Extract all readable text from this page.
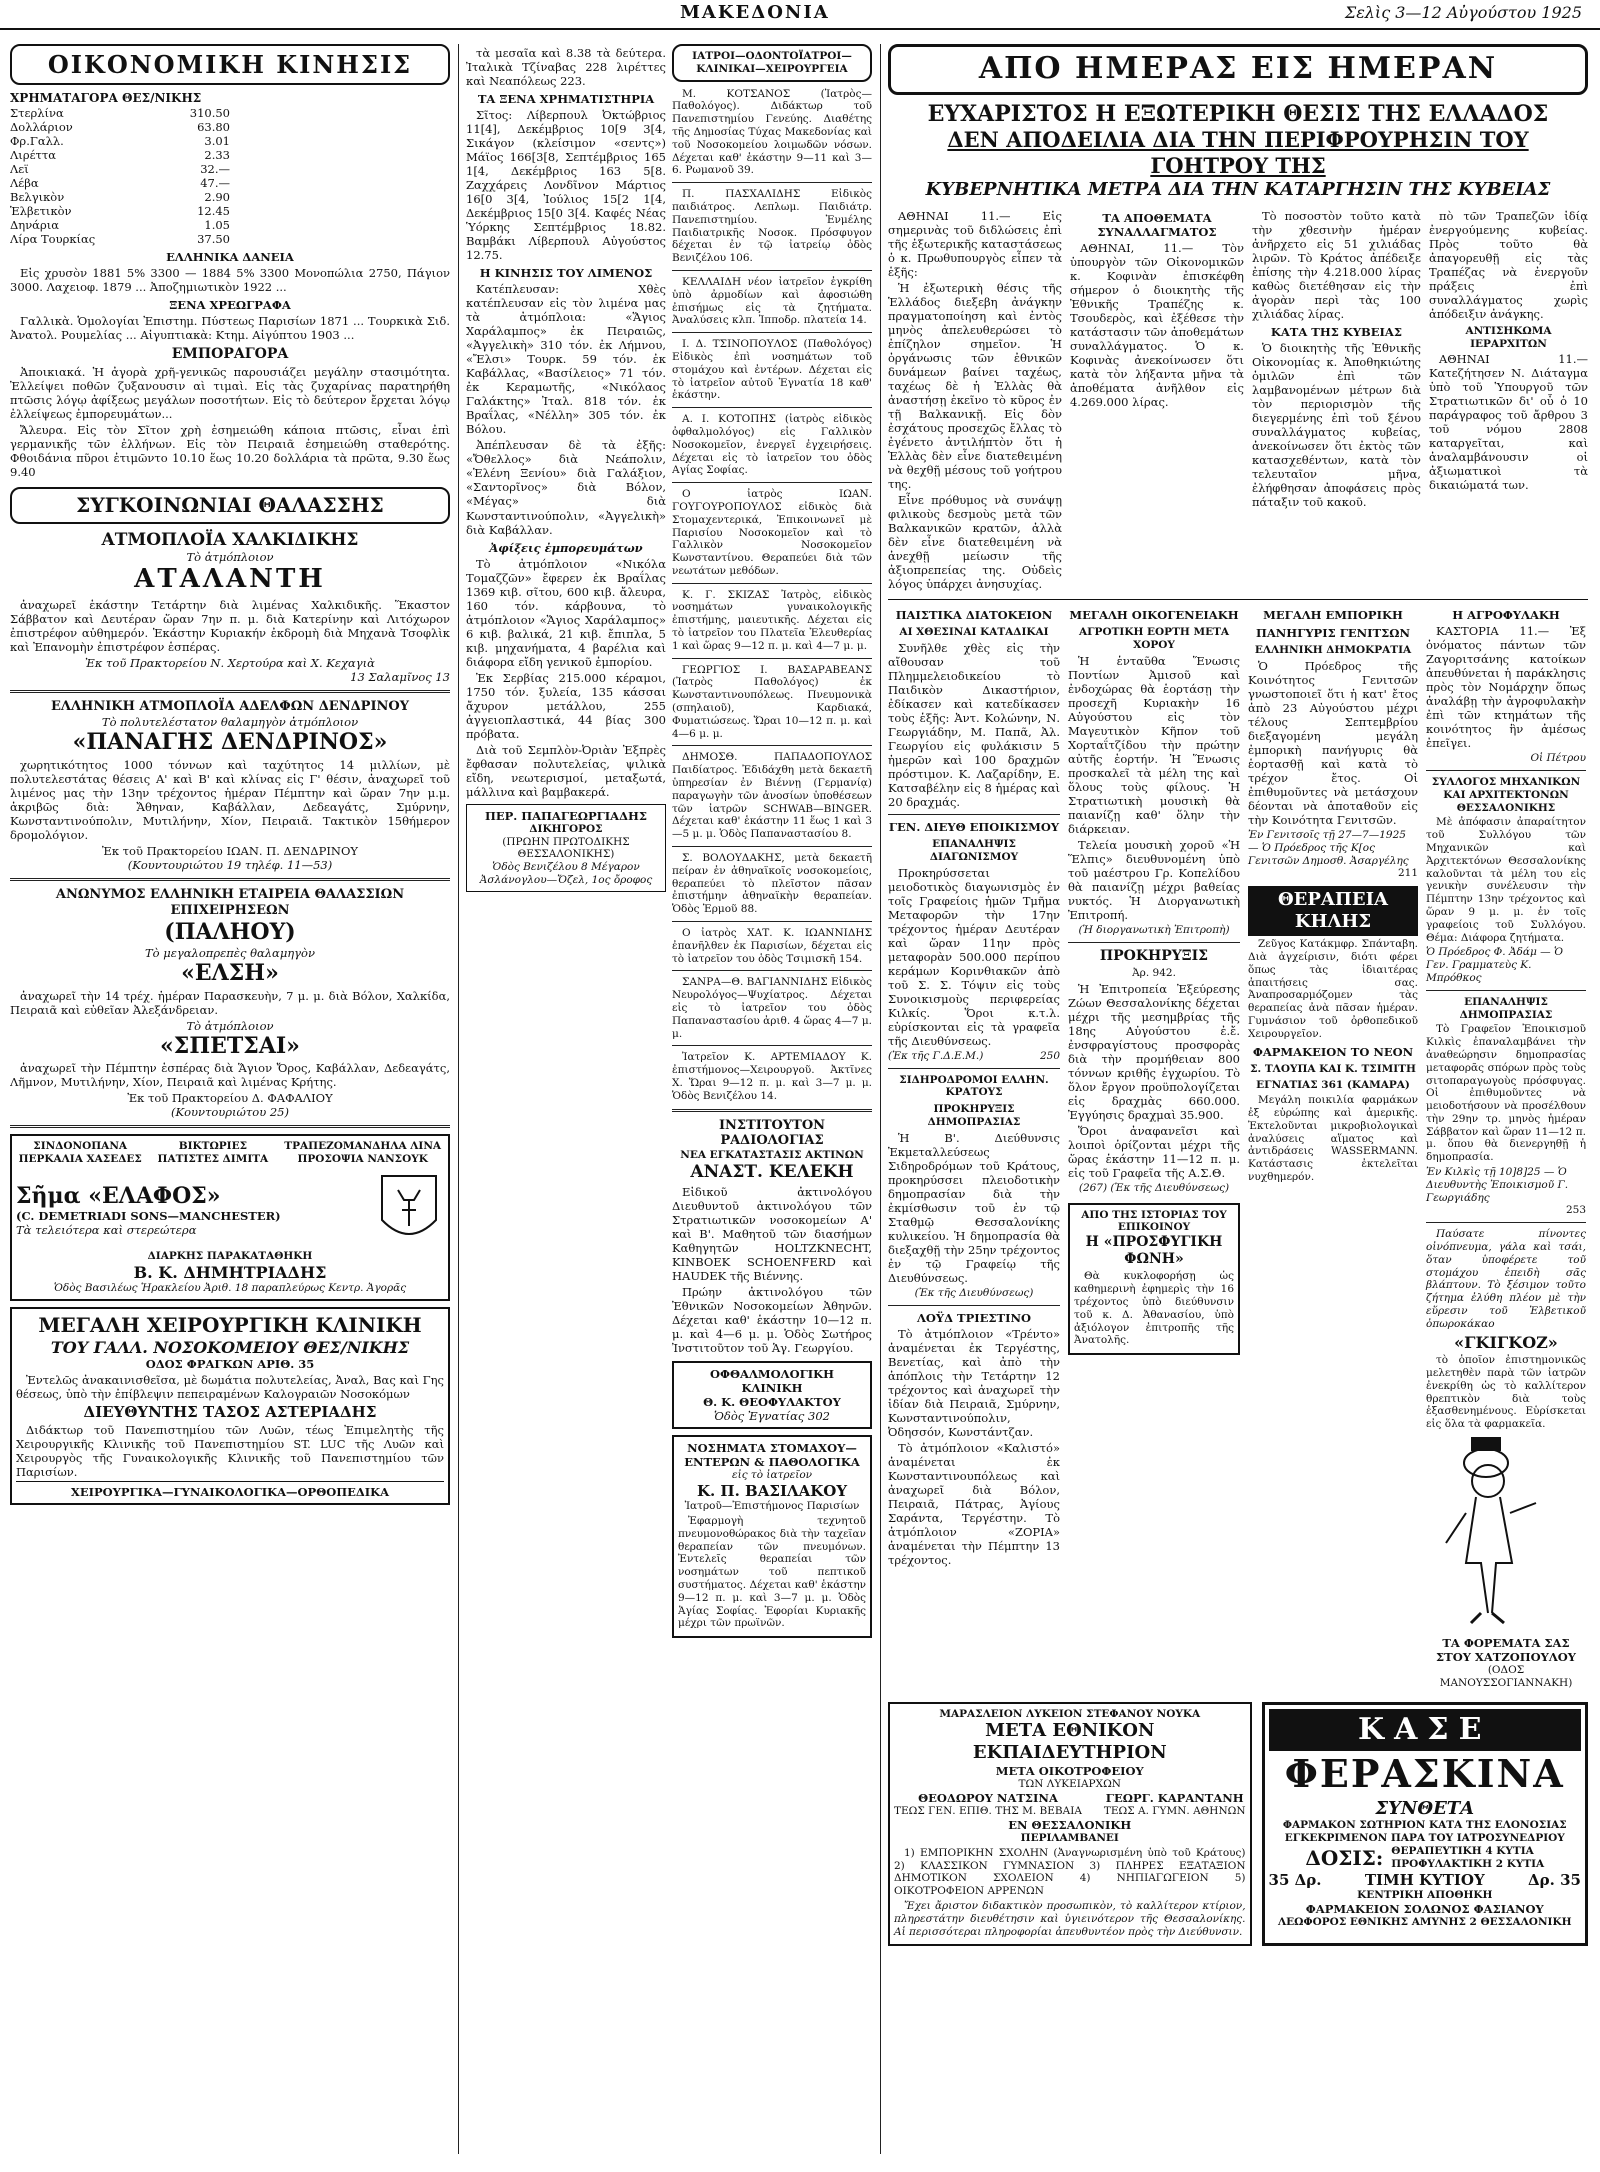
ΜΑΚΕΔΟΝΙΑ	Σελὶς 3—12 Αὐγούστου 1925
ΟΙΚΟΝΟΜΙΚΗ ΚΙΝΗΣΙΣ
ΧΡΗΜΑΤΑΓΟΡΑ ΘΕΣ/ΝΙΚΗΣ
Στερλίνα	310.50
Δολλάριον	63.80
Φρ.Γαλλ.	3.01
Λιρέττα	2.33
Λεϊ	32.—
Λέβα	47.—
Βελγικὸν	2.90
Ἑλβετικὸν	12.45
Δηνάρια	1.05
Λίρα Τουρκίας	37.50
ΕΛΛΗΝΙΚΑ ΔΑΝΕΙΑ

Εἰς χρυσὸν 1881 5% 3300 — 1884 5% 3300 Μονοπώλια 2750, Πάγιον 3000. Λαχειοφ. 1879 ... Ἀποζημιωτικὸν 1922 ...

ΞΕΝΑ ΧΡΕΩΓΡΑΦΑ

Γαλλικὰ. Ὁμολογίαι Ἐπιστημ. Πύστεως Παρισίων 1871 ... Τουρκικὰ Σιδ. Ἀνατολ. Ρουμελίας ... Αἰγυπτιακὰ: Κτημ. Αἰγύπτου 1903 ...

ΕΜΠΟΡΑΓΟΡΑ

Ἀποικιακά. Ἡ ἀγορὰ χρῆ-γενικῶς παρουσιάζει μεγάλην στασιμότητα. Ἐλλείψει ποθῶν ζυξανουσιν αὶ τιμαὶ. Εἰς τὰς ζυχαρίνας παρατηρήθη πτῶσις λόγῳ ἀφίξεως μεγάλων ποσοτήτων. Εἰς τὸ δεύτερον ἔρχεται λόγῳ ἐλλείψεως ἐμπορευμάτων...

Ἄλευρα. Εἰς τὸν Σῖτον χρὴ ἐσημειώθη κάποια πτῶσις, εἶναι ἐπὶ γερμανικῆς τῶν ἐλλήνων. Εἰς τὸν Πειραιᾶ ἐσημειώθη σταθερότης. Φθοιδάνια πῦροι ἐτιμῶντο 10.10 ἕως 10.20 δολλάρια τὰ πρῶτα, 9.30 ἕως 9.40

ΣΥΓΚΟΙΝΩΝΙΑΙ ΘΑΛΑΣΣΗΣ
ΑΤΜΟΠΛΟΪΑ ΧΑΛΚΙΔΙΚΗΣ
Τὸ ἀτμόπλοιον
ΑΤΑΛΑΝΤΗ

ἀναχωρεῖ ἑκάστην Τετάρτην διὰ λιμένας Χαλκιδικῆς. Ἕκαστον Σάββατον καὶ Δευτέραν ὥραν 7ην π. μ. διὰ Κατερίνην καὶ Λιτόχωρον ἐπιστρέφον αὐθημερόν. Ἑκάστην Κυριακήν ἐκδρομὴ διὰ Μηχανὰ Τσοφλὶκ καὶ Ἐπανομὴν ἐπιστρέφον ἑσπέρας.

Ἐκ τοῦ Πρακτορείου Ν. Χερτούρα καὶ Χ. Κεχαγιὰ
13 Σαλαμῖνος 13
ΕΛΛΗΝΙΚΗ ΑΤΜΟΠΛΟΪΑ ΑΔΕΛΦΩΝ ΔΕΝΔΡΙΝΟΥ
Τὸ πολυτελέστατον θαλαμηγὸν ἀτμόπλοιον
«ΠΑΝΑΓΗΣ ΔΕΝΔΡΙΝΟΣ»

χωρητικότητος 1000 τόννων καὶ ταχύτητος 14 μιλλίων, μὲ πολυτελεστάτας θέσεις Α' καὶ Β' καὶ κλίνας εἰς Γ' θέσιν, ἀναχωρεῖ τοῦ λιμένος μας τὴν 13ην τρέχοντος ἡμέραν Πέμπτην καὶ ὥραν 7ην μ.μ. ἀκριβῶς διὰ: Ἄθηναν, Καβάλλαν, Δεδεαγάτς, Σμύρνην, Κωνσταντινούπολιν, Μυτιλήνην, Χίον, Πειραιᾶ. Τακτικὸν 15θήμερον δρομολόγιον.

Ἐκ τοῦ Πρακτορείου ΙΩΑΝ. Π. ΔΕΝΔΡΙΝΟΥ
(Κουντουριώτου 19 τηλέφ. 11—53)
ΑΝΩΝΥΜΟΣ ΕΛΛΗΝΙΚΗ ΕΤΑΙΡΕΙΑ ΘΑΛΑΣΣΙΩΝ ΕΠΙΧΕΙΡΗΣΕΩΝ
(ΠΑΛΗΟΥ)
Τὸ μεγαλοπρεπὲς θαλαμηγὸν
«ΕΛΣΗ»

ἀναχωρεῖ τὴν 14 τρέχ. ἡμέραν Παρασκευὴν, 7 μ. μ. διὰ Βόλον, Χαλκίδα, Πειραιᾶ καὶ εὐθεῖαν Ἀλεξάνδρειαν.

Τὸ ἀτμόπλοιον
«ΣΠΕΤΣΑΙ»

ἀναχωρεῖ τὴν Πέμπτην ἑσπέρας διὰ Ἅγιον Ὄρος, Καβάλλαν, Δεδεαγάτς, Λῆμνον, Μυτιλήνην, Χίον, Πειραιᾶ καὶ λιμένας Κρήτης.

Ἐκ τοῦ Πρακτορείου Δ. ΦΑΦΑΛΙΟΥ
(Κουντουριώτου 25)
ΣΙΝΔΟΝΟΠΑΝΑ ΠΕΡΚΑΛΙΑ ΧΑΣΕΔΕΣ
ΒΙΚΤΩΡΙΕΣ ΠΑΤΙΣΤΕΣ ΔΙΜΙΤΑ
ΤΡΑΠΕΖΟΜΑΝΔΗΛΑ ΛΙΝΑ ΠΡΟΣΟΨΙΑ ΝΑΝΣΟΥΚ
Σῆμα «ΕΛΑΦΟΣ»
(C. DEMETRIADI SONS—MANCHESTER)
Τὰ τελειότερα καὶ στερεώτερα
ΔΙΑΡΚΗΣ ΠΑΡΑΚΑΤΑΘΗΚΗ
Β. Κ. ΔΗΜΗΤΡΙΑΔΗΣ
Ὁδὸς Βασιλέως Ἡρακλείου Ἀριθ. 18 παραπλεύρως Κεντρ. Ἀγορᾶς
ΜΕΓΑΛΗ ΧΕΙΡΟΥΡΓΙΚΗ ΚΛΙΝΙΚΗ
ΤΟΥ ΓΑΛΛ. ΝΟΣΟΚΟΜΕΙΟΥ ΘΕΣ/ΝΙΚΗΣ
ΟΔΟΣ ΦΡΑΓΚΩΝ ΑΡΙΘ. 35

Ἐντελῶς ἀνακαινισθεῖσα, μὲ δωμάτια πολυτελείας, Ἀναλ, Βας καὶ Γης θέσεως, ὑπὸ τὴν ἐπίβλεψιν πεπειραμένων Καλογραιῶν Νοσοκόμων

ΔΙΕΥΘΥΝΤΗΣ ΤΑΣΟΣ ΑΣΤΕΡΙΑΔΗΣ

Διδάκτωρ τοῦ Πανεπιστημίου τῶν Λυῶν, τέως Ἐπιμελητὴς τῆς Χειρουργικῆς Κλινικῆς τοῦ Πανεπιστημίου ST. LUC τῆς Λυῶν καὶ Χειρουργὸς τῆς Γυναικολογικῆς Κλινικῆς τοῦ Πανεπιστημίου τῶν Παρισίων.

ΧΕΙΡΟΥΡΓΙΚΑ—ΓΥΝΑΙΚΟΛΟΓΙΚΑ—ΟΡΘΟΠΕΔΙΚΑ

τὰ μεσαῖα καὶ 8.38 τὰ δεύτερα. Ἰταλικὰ Τζίναβας 228 λιρέττες καὶ Νεαπόλεως 223.

ΤΑ ΞΕΝΑ ΧΡΗΜΑΤΙΣΤΗΡΙΑ

Σῖτος: Λίβερπουλ Ὀκτώβριος 11[4], Δεκέμβριος 10[9 3[4, Σικάγον (κλείσιμον «σεντς») Μάϊος 166[3[8, Σεπτέμβριος 165 1[4, Δεκέμβριος 163 5[8. Ζαχχάρεις Λονδῖνον Μάρτιος 16[0 3[4, Ἰούλιος 15[2 1[4, Δεκέμβριος 15[0 3[4. Καφές Νέας Ὑόρκης Σεπτέμβριος 18.82. Βαμβάκι Λίβερπουλ Αὐγούστος 12.75.

Η ΚΙΝΗΣΙΣ ΤΟΥ ΛΙΜΕΝΟΣ

Κατέπλευσαν: Χθὲς κατέπλευσαν εἰς τὸν λιμένα μας τὰ ἀτμόπλοια: «Ἅγιος Χαράλαμπος» ἐκ Πειραιῶς, «Ἀγγελικὴ» 310 τόν. ἐκ Λήμνου, «Ἔλσι» Τουρκ. 59 τόν. ἐκ Καβάλλας, «Βασίλειος» 71 τόν. ἐκ Κεραμωτῆς, «Νικόλαος Γαλάκτης» Ἰταλ. 818 τόν. ἐκ Βραΐλας, «Νέλλη» 305 τόν. ἐκ Βόλου.

Ἀπέπλευσαν δὲ τὰ ἐξῆς: «Ὄθελλος» διὰ Νεάπολιν, «Ἑλένη Ξενίου» διὰ Γαλάξιον, «Σαντορῖνος» διὰ Βόλον, «Μέγας» διὰ Κωνσταντινούπολιν, «Ἀγγελικὴ» διὰ Καβάλλαν.

Ἀφίξεις ἐμπορευμάτων

Τὸ ἀτμόπλοιον «Νικόλα Τομαζζῶν» ἔφερεν ἐκ Βραΐλας 1369 κιβ. σῖτου, 600 κιβ. ἄλευρα, 160 τόν. κάρβουνα, τὸ ἀτμόπλοιον «Ἅγιος Χαράλαμπος» 6 κιβ. βαλικά, 21 κιβ. ἔπιπλα, 5 κιβ. μηχανήματα, 4 βαρέλια καὶ διάφορα εἴδη γενικοῦ ἐμπορίου.

Ἐκ Σερβίας 215.000 κέραμοι, 1750 τόν. ξυλεία, 135 κάσσαι ἄχυρον μετάλλου, 255 ἀγγειοπλαστικά, 44 βίας 300 πρόβατα.

Διὰ τοῦ Σεμπλὸν-Ὀριὰν Ἐξπρὲς ἔφθασαν πολυτελείας, ψιλικὰ εἴδη, νεωτερισμοί, μεταξωτά, μάλλινα καὶ βαμβακερά.

ΠΕΡ. ΠΑΠΑΓΕΩΡΓΙΑΔΗΣ
ΔΙΚΗΓΟΡΟΣ
(ΠΡΩΗΝ ΠΡΩΤΟΔΙΚΗΣ ΘΕΣΣΑΛΟΝΙΚΗΣ)
Ὁδὸς Βενιζέλου 8 Μέγαρον Ἀσλάνογλου—Ὄζελ, 1ος ὄροφος
ΙΑΤΡΟΙ—ΟΔΟΝΤΟΪΑΤΡΟΙ—ΚΛΙΝΙΚΑΙ—ΧΕΙΡΟΥΡΓΕΙΑ

Μ. ΚΟΤΣΑΝΟΣ (Ἰατρὸς—Παθολόγος). Διδάκτωρ τοῦ Πανεπιστημίου Γενεύης. Διαθέτης τῆς Δημοσίας Τύχας Μακεδονίας καὶ τοῦ Νοσοκομείου λοιμωδῶν νόσων. Δέχεται καθ' ἑκάστην 9—11 καὶ 3—6. Ρωμανοῦ 39.

Π. ΠΑΣΧΑΛΙΔΗΣ Εἰδικὸς παιδιάτρος. Λεπλωμ. Παιδιάτρ. Πανεπιστημίου. Ἐνμέλης Παιδιατρικῆς Νοσοκ. Πρόσφυγον δέχεται ἐν τῷ ἰατρείῳ ὁδὸς Βενιζέλου 106.

ΚΕΛΛΑΙΔΗ νέον ἰατρεῖον ἐγκρίθη ὑπὸ ἀρμοδίων καὶ ἀφοσιώθη ἐπισήμως εἰς τὰ ζητήματα. Ἀναλύσεις κλπ. Ἰπποδρ. πλατεία 14.

Ι. Δ. ΤΣΙΝΟΠΟΥΛΟΣ (Παθολόγος) Εἰδικὸς ἐπὶ νοσημάτων τοῦ στομάχου καὶ ἐντέρων. Δέχεται εἰς τὸ ἰατρεῖον αὐτοῦ Ἐγνατία 18 καθ' ἑκάστην.

Α. Ι. ΚΟΤΟΠΗΣ (ἰατρὸς εἰδικὸς ὀφθαλμολόγος) εἰς Γαλλικὸν Νοσοκομεῖον, ἐνεργεῖ ἐγχειρήσεις. Δέχεται εἰς τὸ ἰατρεῖον του ὁδὸς Αγίας Σοφίας.

Ο ἰατρὸς ΙΩΑΝ. ΓΟΥΓΟΥΡΟΠΟΥΛΟΣ εἰδικὸς διὰ Στομαχεντερικά, Ἐπικοινωνεῖ μὲ Παρισίου Νοσοκομεῖον καὶ τὸ Γαλλικὸν Νοσοκομεῖον Κωνσταντίνου. Θεραπεύει διὰ τῶν νεωτάτων μεθόδων.

Κ. Γ. ΣΚΙΖΑΣ Ἰατρὸς, εἰδικὸς νοσημάτων γυναικολογικῆς ἐπιστήμης, μαιευτικῆς. Δέχεται εἰς τὸ ἰατρεῖον του Πλατεῖα Ἐλευθερίας 1 καὶ ὥρας 9—12 π. μ. καὶ 4—7 μ. μ.

ΓΕΩΡΓΙΟΣ Ι. ΒΑΣΑΡΑΒΕΑΝΣ (Ἰατρὸς Παθολόγος) ἐκ Κωνσταντινουπόλεως. Πνευμονικὰ (σπηλαιοῦ), Καρδιακά, Φυματιώσεως. Ὥραι 10—12 π. μ. καὶ 4—6 μ. μ.

ΔΗΜΟΣΘ. ΠΑΠΑΔΟΠΟΥΛΟΣ Παιδίατρος. Ἐδιδάχθη μετὰ δεκαετῆ ὑπηρεσίαν ἐν Βιέννῃ (Γερμανίᾳ) παραγωγὴν τῶν ἀνοσίων ὑποθέσεων τῶν ἰατρῶν SCHWAB—BINGER. Δέχεται καθ' ἑκάστην 11 ἕως 1 καὶ 3—5 μ. μ. Ὁδὸς Παπαναστασίου 8.

Σ. ΒΟΛΟΥΔΑΚΗΣ, μετὰ δεκαετῆ πείραν ἐν ἀθηναϊκοῖς νοσοκομείοις, θεραπεύει τὸ πλεῖστον πᾶσαν ἐπιστήμην ἀθηναϊκὴν θεραπείαν. Ὁδὸς Ἑρμοῦ 88.

Ο ἰατρὸς ΧΑΤ. Κ. ΙΩΑΝΝΙΔΗΣ ἐπανῆλθεν ἐκ Παρισίων, δέχεται εἰς τὸ ἰατρεῖον του ὁδὸς Τσιμισκῆ 154.

ΣΑΝΡΑ—Θ. ΒΑΓΙΑΝΝΙΔΗΣ Εἰδικὸς Νευρολόγος—Ψυχίατρος. Δέχεται εἰς τὸ ἰατρεῖον του ὁδὸς Παπαναστασίου ἀριθ. 4 ὥρας 4—7 μ. μ.

Ἰατρεῖον Κ. ΑΡΤΕΜΙΑΔΟΥ Κ. ἐπιστήμονος—Χειρουργοῦ. Ἀκτῖνες Χ. Ὥραι 9—12 π. μ. καὶ 3—7 μ. μ. Ὁδὸς Βενιζέλου 14.

ΙΝΣΤΙΤΟΥΤΟΝ ΡΑΔΙΟΛΟΓΙΑΣ
ΝΕΑ ΕΓΚΑΤΑΣΤΑΣΙΣ ΑΚΤΙΝΩΝ
ΑΝΑΣΤ. ΚΕΛΕΚΗ

Εἰδικοῦ ἀκτινολόγου Διευθυντοῦ ἀκτινολόγου τῶν Στρατιωτικῶν νοσοκομείων Α' καὶ Β'. Μαθητοῦ τῶν διασήμων Καθηγητῶν HOLTZKNECHT, KINBOEK SCHOENFERD καὶ HAUDEK τῆς Βιέννης.

Πρώην ἀκτινολόγου τῶν Ἐθνικῶν Νοσοκομείων Ἀθηνῶν. Δέχεται καθ' ἑκάστην 10—12 π. μ. καὶ 4—6 μ. μ. Ὁδὸς Σωτήρος Ἰνστιτοῦτον τοῦ Ἁγ. Γεωργίου.

ΟΦΘΑΛΜΟΛΟΓΙΚΗ ΚΛΙΝΙΚΗ
Θ. Κ. ΘΕΟΦΥΛΑΚΤΟΥ
Ὁδὸς Ἐγνατίας 302
ΝΟΣΗΜΑΤΑ ΣΤΟΜΑΧΟΥ—ΕΝΤΕΡΩΝ & ΠΑΘΟΛΟΓΙΚΑ
εἰς τὸ ἰατρεῖον
Κ. Π. ΒΑΣΙΛΑΚΟΥ
Ἰατροῦ—Ἐπιστήμονος Παρισίων

Ἐφαρμογὴ τεχνητοῦ πνευμονοθώρακος διὰ τὴν ταχεῖαν θεραπείαν τῶν πνευμόνων. Ἐντελεῖς θεραπείαι τῶν νοσημάτων τοῦ πεπτικοῦ συστήματος. Δέχεται καθ' ἑκάστην 9—12 π. μ. καὶ 3—7 μ. μ. Ὁδὸς Ἁγίας Σοφίας. Ἐφορίαι Κυριακῆς μέχρι τῶν πρωϊνῶν.

ΑΠΟ ΗΜΕΡΑΣ ΕΙΣ ΗΜΕΡΑΝ
ΕΥΧΑΡΙΣΤΟΣ Η ΕΞΩΤΕΡΙΚΗ ΘΕΣΙΣ ΤΗΣ ΕΛΛΑΔΟΣ
ΔΕΝ ΑΠΟΔΕΙΛΙΑ ΔΙΑ ΤΗΝ ΠΕΡΙΦΡΟΥΡΗΣΙΝ ΤΟΥ ΓΟΗΤΡΟΥ ΤΗΣ
ΚΥΒΕΡΝΗΤΙΚΑ ΜΕΤΡΑ ΔΙΑ ΤΗΝ ΚΑΤΑΡΓΗΣΙΝ ΤΗΣ ΚΥΒΕΙΑΣ

ΑΘΗΝΑΙ 11.— Εἰς σημερινὰς τοῦ διδλώσεις ἐπὶ τῆς ἐξωτερικῆς καταστάσεως ὁ κ. Πρωθυπουργὸς εἶπεν τὰ ἑξῆς:

Ἡ ἐξωτερικὴ θέσις τῆς Ἑλλάδος διεξεβη ἀνάγκην πραγματοποίηση καὶ ἐντὸς μηνὸς ἀπελευθερώσει τὸ ἐπίζηλον σημεῖον. Ἡ ὀργάνωσις τῶν ἐθνικῶν δυνάμεων βαίνει ταχέως, ταχέως δὲ ἡ Ἑλλὰς θὰ ἀναστήσῃ ἐκεῖνο τὸ κῦρος ἐν τῇ Βαλκανικῇ. Εἰς δὸν ἐσχάτους προσεχῶς ἔλλας τὸ ἐγένετο ἀντιλήπτὸν ὅτι ἡ Ἑλλὰς δὲν εἶνε διατεθειμένη νὰ θεχθῇ μέσους τοῦ γοήτρου της.

Εἶνε πρόθυμος νὰ συνάψῃ φιλικοὺς δεσμοὺς μετὰ τῶν Βαλκανικῶν κρατῶν, ἀλλὰ δὲν εἶνε διατεθειμένη νὰ ἀνεχθῇ μείωσιν τῆς ἀξιοπρεπείας της. Οὐδεὶς λόγος ὑπάρχει ἀνησυχίας.

ΤΑ ΑΠΟΘΕΜΑΤΑ ΣΥΝΑΛΛΑΓΜΑΤΟΣ

ΑΘΗΝΑΙ, 11.— Τὸν ὑπουργὸν τῶν Οἰκονομικῶν κ. Κοφινὰν ἐπισκέφθη σήμερον ὁ διοικητὴς τῆς Ἐθνικῆς Τραπέζης κ. Τσουδερὸς, καὶ ἐξέθεσε τὴν κατάστασιν τῶν ἀποθεμάτων συναλλάγματος. Ὁ κ. Κοφινὰς ἀνεκοίνωσεν ὅτι κατὰ τὸν λήξαντα μῆνα τὰ ἀποθέματα ἀνῆλθον εἰς 4.269.000 λίρας.

Τὸ ποσοστὸν τοῦτο κατὰ τὴν χθεσινὴν ἡμέραν ἀνῆρχετο εἰς 51 χιλιάδας λιρῶν. Τὸ Κράτος ἀπέδειξε ἐπίσης τὴν 4.218.000 λίρας καθὼς διετέθησαν εἰς τὴν ἀγορὰν περὶ τὰς 100 χιλιάδας λίρας.

ΚΑΤΑ ΤΗΣ ΚΥΒΕΙΑΣ

Ὁ διοικητὴς τῆς Ἐθνικῆς Οἰκονομίας κ. Ἀποθηκιώτης ὁμιλῶν ἐπὶ τῶν λαμβανομένων μέτρων διὰ τὸν περιορισμὸν τῆς διεγερμένης ἐπὶ τοῦ ξένου συναλλάγματος κυβείας, ἀνεκοίνωσεν ὅτι ἐκτὸς τῶν κατασχεθέντων, κατὰ τὸν τελευταῖον μῆνα, ἐλήφθησαν ἀποφάσεις πρὸς πάταξιν τοῦ κακοῦ.

πὸ τῶν Τραπεζῶν ἰδίᾳ ἐνεργούμενης κυβείας. Πρὸς τοῦτο θὰ ἀπαγορευθῇ εἰς τὰς Τραπέζας νὰ ἐνεργοῦν πράξεις ἐπὶ συναλλάγματος χωρὶς ἀπόδειξιν ἀνάγκης.

ΑΝΤΙΣΗΚΩΜΑ ΙΕΡΑΡΧΙΤΩΝ

ΑΘΗΝΑΙ 11.— Κατεζήτησεν Ν. Διάταγμα ὑπὸ τοῦ Ὑπουργοῦ τῶν Στρατιωτικῶν δι' οὗ ὁ 10 παράγραφος τοῦ ἄρθρου 3 τοῦ νόμου 2808 καταργεῖται, καὶ ἀναλαμβάνουσιν οἱ ἀξιωματικοὶ τὰ δικαιώματά των.

ΠΑΙΣΤΙΚΑ ΔΙΑΤΟΚΕΙΟΝ
ΑΙ ΧΘΕΣΙΝΑΙ ΚΑΤΑΔΙΚΑΙ

Συνῆλθε χθὲς εἰς τὴν αἴθουσαν τοῦ Πλημμελειοδικείου τὸ Παιδικὸν Δικαστήριον, ἐδίκασεν καὶ κατεδίκασεν τοὺς ἑξῆς: Ἀντ. Κολώνην, Ν. Γεωργιάδην, Μ. Παπᾶ, Ἀλ. Γεωργίου εἰς φυλάκισιν 5 ἡμερῶν καὶ 100 δραχμῶν πρόστιμον. Κ. Λαζαρίδην, Ε. Κατσαβέλην εἰς 8 ἡμέρας καὶ 20 δραχμάς.

ΓΕΝ. ΔΙΕΥΘ ΕΠΟΙΚΙΣΜΟΥ
ΕΠΑΝΑΛΗΨΙΣ ΔΙΑΓΩΝΙΣΜΟΥ

Προκηρύσσεται μειοδοτικὸς διαγωνισμὸς ἐν τοῖς Γραφείοις ἡμῶν Τμῆμα Μεταφορῶν τὴν 17ην τρέχοντος ἡμέραν Δευτέραν καὶ ὥραν 11ην πρὸς μεταφορὰν 500.000 περίπου κεράμων Κορινθιακῶν ἀπὸ τοῦ Σ. Σ. Τόψιν εἰς τοὺς Συνοικισμοὺς περιφερείας Κιλκίς. Ὅροι κ.τ.λ. εὑρίσκονται εἰς τὰ γραφεῖα τῆς Διευθύνσεως.

(Ἐκ τῆς Γ.Δ.Ε.Μ.)	250
ΣΙΔΗΡΟΔΡΟΜΟΙ ΕΛΛΗΝ. ΚΡΑΤΟΥΣ
ΠΡΟΚΗΡΥΞΙΣ ΔΗΜΟΠΡΑΣΙΑΣ

Ἡ Β'. Διεύθυνσις Ἐκμεταλλεύσεως Σιδηροδρόμων τοῦ Κράτους, προκηρύσσει πλειοδοτικὴν δημοπρασίαν διὰ τὴν ἐκμίσθωσιν τοῦ ἐν τῷ Σταθμῷ Θεσσαλονίκης κυλικείου. Ἡ δημοπρασία θὰ διεξαχθῇ τὴν 25ην τρέχοντος ἐν τῷ Γραφείῳ τῆς Διευθύνσεως.

(Ἐκ τῆς Διευθύνσεως)
ΛΟΫΔ ΤΡΙΕΣΤΙΝΟ

Τὸ ἀτμόπλοιον «Τρέντο» ἀναμένεται ἐκ Τεργέστης, Βενετίας, καὶ ἀπὸ τὴν ἀπόπλοις τὴν Τετάρτην 12 τρέχοντος καὶ ἀναχωρεῖ τὴν ἰδίαν διὰ Πειραιᾶ, Σμύρνην, Κωνσταντινούπολιν, Ὀδησσόν, Κωνστάντζαν.

Τὸ ἀτμόπλοιον «Καλιστό» ἀναμένεται ἐκ Κωνσταντινουπόλεως καὶ ἀναχωρεῖ διὰ Βόλον, Πειραιᾶ, Πάτρας, Ἀγίους Σαράντα, Τεργέστην. Τὸ ἀτμόπλοιον «ΖΟΡΙΑ» ἀναμένεται τὴν Πέμπτην 13 τρέχοντος.

ΜΕΓΑΛΗ ΟΙΚΟΓΕΝΕΙΑΚΗ
ΑΓΡΟΤΙΚΗ ΕΟΡΤΗ ΜΕΤΑ ΧΟΡΟΥ

Ἡ ἑνταῦθα Ἕνωσις Ποντίων Ἀμισοῦ καὶ ἐνδοχώρας θὰ ἑορτάσῃ τὴν προσεχῆ Κυριακὴν 16 Αὐγούστου εἰς τὸν Μαγευτικὸν Κῆπον τοῦ Χορταΐτζίδου τὴν πρώτην αὐτῆς ἑορτήν. Ἡ Ἕνωσις προσκαλεῖ τὰ μέλη της καὶ ὅλους τοὺς φίλους. Ἡ Στρατιωτικὴ μουσικὴ θὰ παιανίζῃ καθ' ὅλην τὴν διάρκειαν.

Τελεία μουσικὴ χοροῦ «Ἡ Ἕλπις» διευθυνομένη ὑπὸ τοῦ μαέστρου Γρ. Κοπελίδου θὰ παιανίζῃ μέχρι βαθείας νυκτός. Ἡ Διοργανωτικὴ Ἐπιτροπή.

(Ἡ διοργανωτικὴ Ἐπιτροπὴ)
ΠΡΟΚΗΡΥΞΙΣ
Ἀρ. 942.

Ἡ Ἐπιτροπεία Ἐξεύρεσης Ζώων Θεσσαλονίκης δέχεται μέχρι τῆς μεσημβρίας τῆς 18ης Αὐγούστου ἐ.ἔ. ἐνσφραγίστους προσφορὰς διὰ τὴν προμήθειαν 800 τόννων κριθῆς ἐγχωρίου. Τὸ ὅλον ἔργον προϋπολογίζεται εἰς δραχμὰς 660.000. Ἐγγύησις δραχμαὶ 35.900.

Ὅροι ἀναφανεῖσι καὶ λοιποὶ ὁρίζονται μέχρι τῆς ὥρας ἑκάστην 11—12 π. μ. εἰς τοῦ Γραφεῖα τῆς Α.Σ.Θ.

(267) (Ἐκ τῆς Διευθύνσεως)
ΑΠΟ ΤΗΣ ΙΣΤΟΡΙΑΣ ΤΟΥ ΕΠΙΚΟΙΝΟΥ
Η «ΠΡΟΣΦΥΓΙΚΗ ΦΩΝΗ»

Θὰ κυκλοφορήσῃ ὡς καθημερινὴ ἐφημερὶς τὴν 16 τρέχοντος ὑπὸ διεύθυνσιν τοῦ κ. Δ. Ἀθανασίου, ὑπὸ ἀξιόλογον ἐπιτροπῆς τῆς Ἀνατολῆς.

ΜΕΓΑΛΗ ΕΜΠΟΡΙΚΗ
ΠΑΝΗΓΥΡΙΣ ΓΕΝΙΤΣΩΝ
ΕΛΛΗΝΙΚΗ ΔΗΜΟΚΡΑΤΙΑ

Ὁ Πρόεδρος τῆς Κοινότητος Γενιτσῶν γνωστοποιεῖ ὅτι ἡ κατ' ἔτος ἀπὸ 23 Αὐγούστου μέχρι τέλους Σεπτεμβρίου διεξαγομένη μεγάλη ἐμπορικὴ πανήγυρις θὰ ἑορτασθῇ καὶ κατὰ τὸ τρέχον ἔτος. Οἱ ἐπιθυμοῦντες νὰ μετάσχουν δέονται νὰ ἀποταθοῦν εἰς τὴν Κοινότητα Γενιτσῶν.

Ἐν Γενιτσοῖς τῇ 27—7—1925 — Ὁ Πρόεδρος τῆς Κ[ος Γενιτσῶν Δημοσθ. Ἀσαργέλης
211
ΘΕΡΑΠΕΙΑ ΚΗΛΗΣ

Ζεῦγος Κατάκμφρ. Σπάνταβη. Διὰ ἀγχείρισιν, διότι φέρει ὅπως τὰς ἰδιαιτέρας ἀπαιτήσεις σας. Ἀναπροσαρμόζομεν τὰς θεραπείας ἀνὰ πᾶσαν ἡμέραν. Γυμνάσιον τοῦ ὀρθοπεδικοῦ Χειρουργεῖον.

ΦΑΡΜΑΚΕΙΟΝ ΤΟ ΝΕΟΝ
Σ. ΤΛΟΥΠΑ ΚΑΙ Κ. ΤΣΙΜΙΤΗ
ΕΓΝΑΤΙΑΣ 361 (ΚΑΜΑΡΑ)

Μεγάλη ποικιλία φαρμάκων ἐξ εὐρώπης καὶ ἀμερικῆς. Ἐκτελοῦνται μικροβιολογικαὶ ἀναλύσεις αἵματος καὶ ἀντιδράσεις WASSERMANN. Κατάστασις ἐκτελεῖται νυχθημερόν.

Η ΑΓΡΟΦΥΛΑΚΗ

ΚΑΣΤΟΡΙΑ 11.— Ἐξ ὀνόματος πάντων τῶν Ζαγοριτσάνης κατοίκων ἀπευθύνεται ἡ παράκλησις πρὸς τὸν Νομάρχην ὅπως ἀναλάβῃ τὴν ἀγροφυλακὴν ἐπὶ τῶν κτημάτων τῆς κοινότητος ἣν ἀμέσως ἐπεῖγει.

Οἱ Πέτρου
ΣΥΛΛΟΓΟΣ ΜΗΧΑΝΙΚΩΝ ΚΑΙ ΑΡΧΙΤΕΚΤΟΝΩΝ ΘΕΣΣΑΛΟΝΙΚΗΣ

Μὲ ἀπόφασιν ἀπαραίτητον τοῦ Συλλόγου τῶν Μηχανικῶν καὶ Ἀρχιτεκτόνων Θεσσαλονίκης καλοῦνται τὰ μέλη του εἰς γενικὴν συνέλευσιν τὴν Πέμπτην 13ην τρέχοντος καὶ ὥραν 9 μ. μ. ἐν τοῖς γραφείοις τοῦ Συλλόγου. Θέμα: Διάφορα ζητήματα.

Ὁ Πρόεδρος Φ. Ἀδάμ — Ὁ Γεν. Γραμματεὺς Κ. Μπρόθκος
ΕΠΑΝΑΛΗΨΙΣ ΔΗΜΟΠΡΑΣΙΑΣ

Τὸ Γραφεῖον Ἐποικισμοῦ Κιλκὶς ἐπαναλαμβάνει τὴν ἀναθεώρησιν δημοπρασίας μεταφορᾶς σπόρων πρὸς τοὺς σιτοπαραγωγοὺς πρόσφυγας. Οἱ ἐπιθυμοῦντες νὰ μειοδοτήσουν νὰ προσέλθουν τὴν 29ην τρ. μηνὸς ἡμέραν Σάββατον καὶ ὥραν 11—12 π. μ. ὅπου θὰ διενεργηθῇ ἡ δημοπρασία.

Ἐν Κιλκὶς τῇ 10]8]25 — Ὁ Διευθυντὴς Ἐποικισμοῦ Γ. Γεωργιάδης
253

Παύσατε πίνοντες οἰνόπνευμα, γάλα καὶ τσάι, ὅταν ὑποφέρετε τοῦ στομάχου ἐπειδὴ σᾶς βλάπτουν. Τὸ ξέσιμον τοῦτο ζήτημα ἐλύθη πλέον μὲ τὴν εὕρεσιν τοῦ Ἑλβετικοῦ ὀπωροκάκαο

«ΓΚΙΓΚΟΖ»

τὸ ὁποῖον ἐπιστημονικῶς μελετηθὲν παρὰ τῶν ἰατρῶν ἐνεκρίθη ὡς τὸ καλλίτερον θρεπτικὸν διὰ τοὺς ἐξασθενημένους. Εὑρίσκεται εἰς ὅλα τὰ φαρμακεῖα.

ΤΑ ΦΟΡΕΜΑΤΑ ΣΑΣ
ΣΤΟΥ ΧΑΤΖΟΠΟΥΛΟΥ
(ΟΔΟΣ ΜΑΝΟΥΣΣΟΓΙΑΝΝΑΚΗ)
ΜΑΡΑΣΛΕΙΟΝ ΛΥΚΕΙΟΝ ΣΤΕΦΑΝΟΥ ΝΟΥΚΑ
ΜΕΤΑ ΕΘΝΙΚΟΝ ΕΚΠΑΙΔΕΥΤΗΡΙΟΝ
ΜΕΤΑ ΟΙΚΟΤΡΟΦΕΙΟΥ
ΤΩΝ ΛΥΚΕΙΑΡΧΩΝ
ΘΕΟΔΩΡΟΥ ΝΑΤΣΙΝΑ
ΤΕΩΣ ΓΕΝ. ΕΠΙΘ. ΤΗΣ Μ. ΒΕΒΑΙΑ
ΓΕΩΡΓ. ΚΑΡΑΝΤΑΝΗ
ΤΕΩΣ Α. ΓΥΜΝ. ΑΘΗΝΩΝ
ΕΝ ΘΕΣΣΑΛΟΝΙΚΗ
ΠΕΡΙΛΑΜΒΑΝΕΙ

1) ΕΜΠΟΡΙΚΗΝ ΣΧΟΛΗΝ (Ἀναγνωρισμένη ὑπὸ τοῦ Κράτους) 2) ΚΛΑΣΣΙΚΟΝ ΓΥΜΝΑΣΙΟΝ 3) ΠΛΗΡΕΣ ΕΞΑΤΑΞΙΟΝ ΔΗΜΟΤΙΚΟΝ ΣΧΟΛΕΙΟΝ 4) ΝΗΠΙΑΓΩΓΕΙΟΝ 5) ΟΙΚΟΤΡΟΦΕΙΟΝ ΑΡΡΕΝΩΝ

Ἔχει ἄριστον διδακτικὸν προσωπικὸν, τὸ καλλίτερον κτίριον, πληρεστάτην διευθέτησιν καὶ ὑγιεινότερον τῆς Θεσσαλονίκης. Αἱ περισσότεραι πληροφορίαι ἀπευθυντέον πρὸς τὴν Διεύθυνσιν.

ΚΑΣΕ
ΦΕΡΑΣΚΙΝΑ
ΣΥΝΘΕΤΑ
ΦΑΡΜΑΚΟΝ ΣΩΤΗΡΙΟΝ ΚΑΤΑ ΤΗΣ ΕΛΟΝΟΣΙΑΣ
ΕΓΚΕΚΡΙΜΕΝΟΝ ΠΑΡΑ ΤΟΥ ΙΑΤΡΟΣΥΝΕΔΡΙΟΥ
ΔΟΣΙΣ: ΘΕΡΑΠΕΥΤΙΚΗ 4 ΚΥΤΙΑ
ΠΡΟΦΥΛΑΚΤΙΚΗ 2 ΚΥΤΙΑ
35 Δρ.	ΤΙΜΗ ΚΥΤΙΟΥ	Δρ. 35
ΚΕΝΤΡΙΚΗ ΑΠΟΘΗΚΗ
ΦΑΡΜΑΚΕΙΟΝ ΣΟΛΩΝΟΣ ΦΑΣΙΑΝΟΥ
ΛΕΩΦΟΡΟΣ ΕΘΝΙΚΗΣ ΑΜΥΝΗΣ 2 ΘΕΣΣΑΛΟΝΙΚΗ
